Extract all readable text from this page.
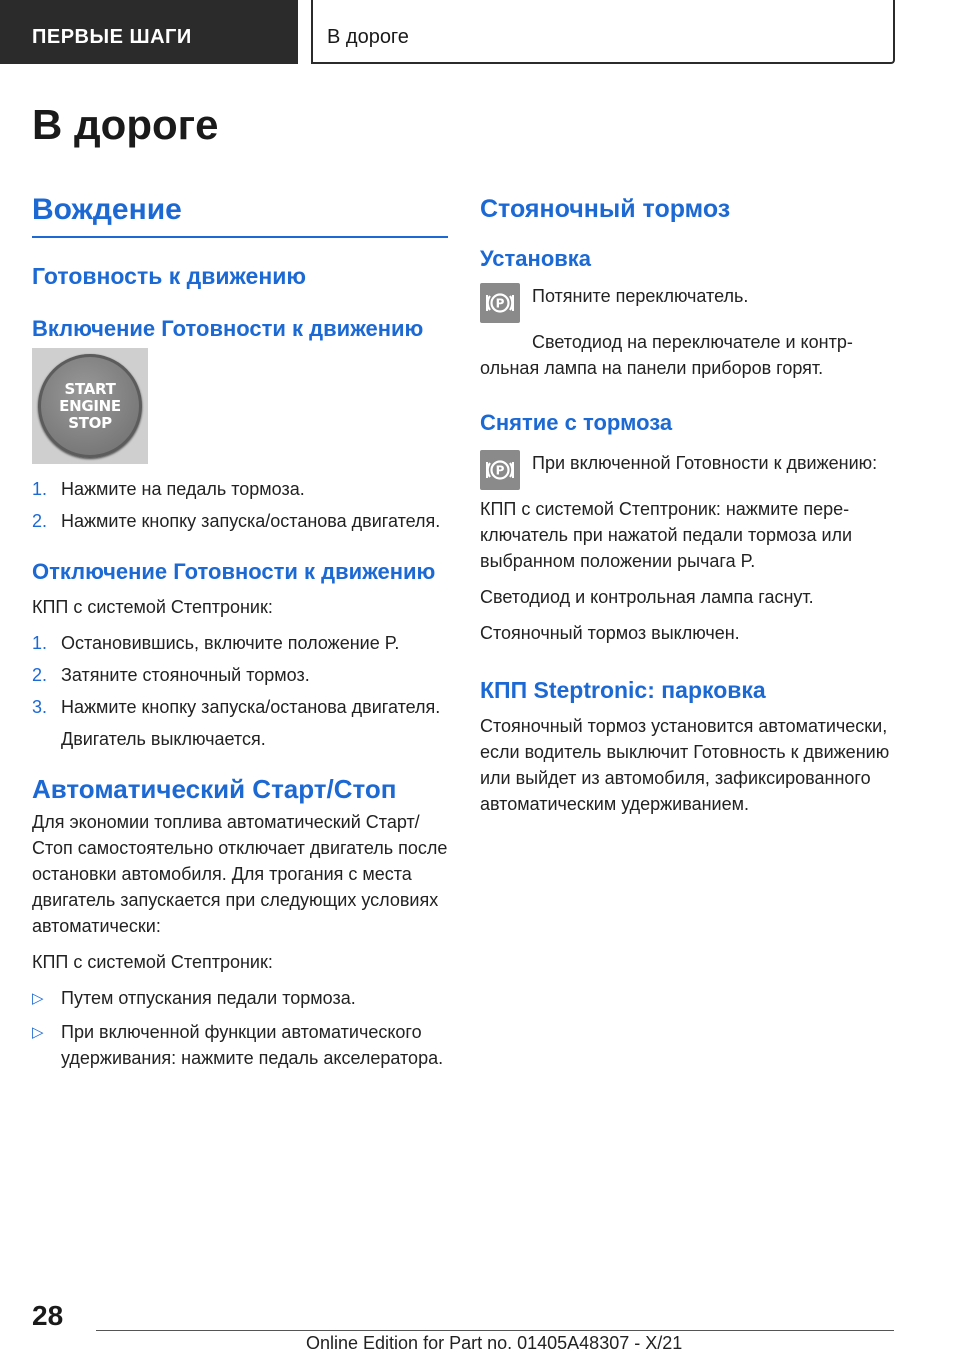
ПЕРВЫЕ ШАГИ	В дороге
В дороге
Вождение
Готовность к движению
Включение Готовности к движению
START
ENGINE
STOP
1. Нажмите на педаль тормоза.
2. Нажмите кнопку запуска/останова двигателя.
Отключение Готовности к движению

КПП с системой Стептроник:

1. Остановившись, включите положение P.
2. Затяните стояночный тормоз.
3. Нажмите кнопку запуска/останова двигателя.

Двигатель выключается.

Автоматический Старт/Стоп

Для экономии топлива автоматический Старт/Стоп самостоятельно отключает двигатель после остановки автомобиля. Для трогания с места двигатель запускается при следующих условиях автоматически:

КПП с системой Стептроник:

▷ Путем отпускания педали тормоза.
▷ При включенной функции автоматического удерживания: нажмите педаль акселератора.
Стояночный тормоз
Установка
P Потяните переключатель.

Светодиод на переключателе и контрольная лампа на панели приборов горят.

Снятие с тормоза
P При включенной Готовности к движению:

КПП с системой Стептроник: нажмите переключатель при нажатой педали тормоза или выбранном положении рычага P.

Светодиод и контрольная лампа гаснут.

Стояночный тормоз выключен.

КПП Steptronic: парковка

Стояночный тормоз установится автоматически, если водитель выключит Готовность к движению или выйдет из автомобиля, зафиксированного автоматическим удерживанием.

28
Online Edition for Part no. 01405A48307 - X/21
